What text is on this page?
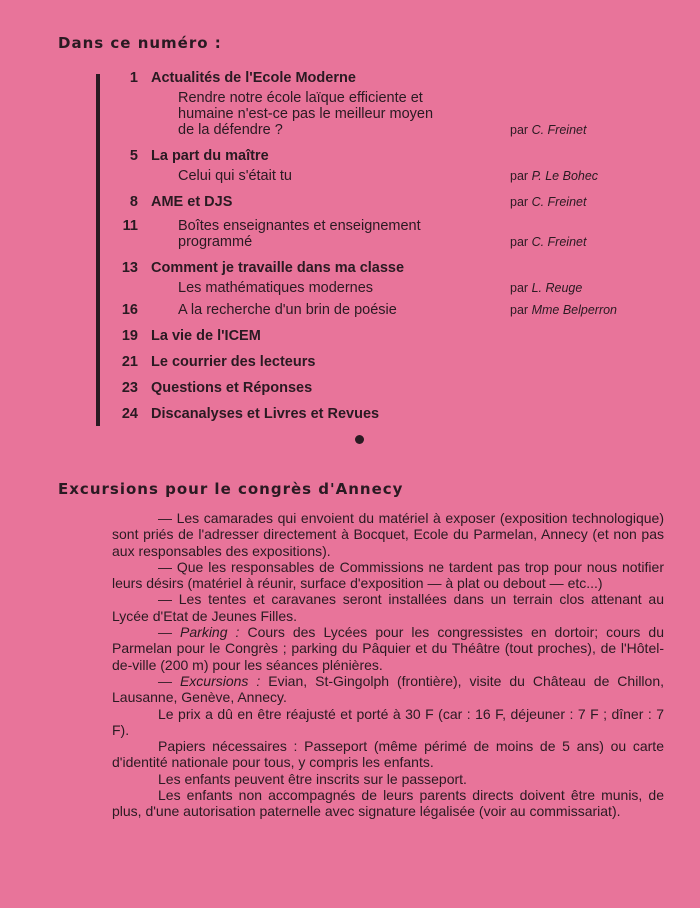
Dans ce numéro :
1 Actualités de l'Ecole Moderne
Rendre notre école laïque efficiente et
humaine n'est-ce pas le meilleur moyen
de la défendre ?	par C. Freinet
5 La part du maître
Celui qui s'était tu	par P. Le Bohec
8 AME et DJS	par C. Freinet
11	Boîtes enseignantes et enseignement
programmé	par C. Freinet
13 Comment je travaille dans ma classe
Les mathématiques modernes	par L. Reuge
16	A la recherche d'un brin de poésie	par Mme Belperron
19 La vie de l'ICEM
21 Le courrier des lecteurs
23 Questions et Réponses
24 Discanalyses et Livres et Revues
Excursions pour le congrès d'Annecy

— Les camarades qui envoient du matériel à exposer (exposition technologique) sont priés de l'adresser directement à Bocquet, Ecole du Parmelan, Annecy (et non pas aux responsables des expositions).

— Que les responsables de Commissions ne tardent pas trop pour nous notifier leurs désirs (matériel à réunir, surface d'exposition — à plat ou debout — etc...)

— Les tentes et caravanes seront installées dans un terrain clos attenant au Lycée d'Etat de Jeunes Filles.

— Parking : Cours des Lycées pour les congressistes en dortoir; cours du Parmelan pour le Congrès ; parking du Pâquier et du Théâtre (tout proches), de l'Hôtel-de-ville (200 m) pour les séances plénières.

— Excursions : Evian, St-Gingolph (frontière), visite du Château de Chillon, Lausanne, Genève, Annecy.

Le prix a dû en être réajusté et porté à 30 F (car : 16 F, déjeuner : 7 F ; dîner : 7 F).

Papiers nécessaires : Passeport (même périmé de moins de 5 ans) ou carte d'identité nationale pour tous, y compris les enfants.

Les enfants peuvent être inscrits sur le passeport.

Les enfants non accompagnés de leurs parents directs doivent être munis, de plus, d'une autorisation paternelle avec signature légalisée (voir au commissariat).
